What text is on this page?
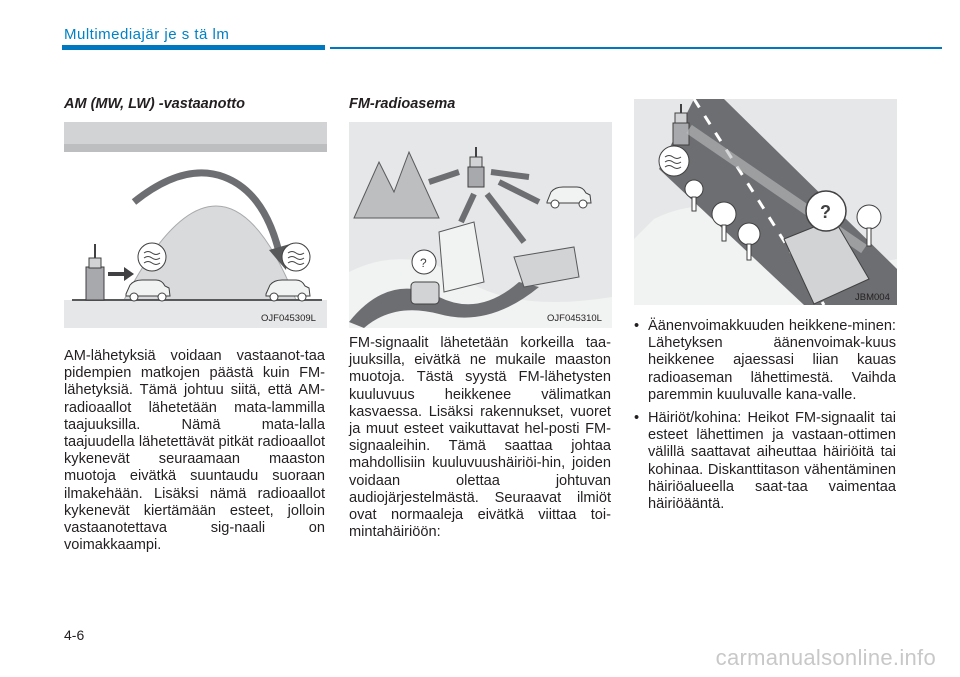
Multimediajär je s tä lm
AM (MW, LW) -vastaanotto
OJF045309L

AM-lähetyksiä voidaan vastaanot-taa pidempien matkojen päästä kuin FM-lähetyksiä. Tämä johtuu siitä, että AM-radioaallot lähetetään mata-lammilla taajuuksilla. Nämä mata-lalla taajuudella lähetettävät pitkät radioaallot kykenevät seuraamaan maaston muotoja eivätkä suuntaudu suoraan ilmakehään. Lisäksi nämä radioaallot kykenevät kiertämään esteet, jolloin vastaanotettava sig-naali on voimakkaampi.

FM-radioasema
?
OJF045310L

FM-signaalit lähetetään korkeilla taa-juuksilla, eivätkä ne mukaile maaston muotoja. Tästä syystä FM-lähetysten kuuluvuus heikkenee välimatkan kasvaessa. Lisäksi rakennukset, vuoret ja muut esteet vaikuttavat hel-posti FM-signaaleihin. Tämä saattaa johtaa mahdollisiin kuuluvuushäiriöi-hin, joiden voidaan olettaa johtuvan audiojärjestelmästä. Seuraavat ilmiöt ovat normaaleja eivätkä viittaa toi-mintahäiriöön:

?
JBM004
• Äänenvoimakkuuden heikkene-minen: Lähetyksen äänenvoimak-kuus heikkenee ajaessasi liian kauas radioaseman lähettimestä. Vaihda paremmin kuuluvalle kana-valle.
• Häiriöt/kohina: Heikot FM-signaalit tai esteet lähettimen ja vastaan-ottimen välillä saattavat aiheuttaa häiriöitä tai kohinaa. Diskanttitason vähentäminen häiriöalueella saat-taa vaimentaa häiriöääntä.
4-6
carmanualsonline.info
